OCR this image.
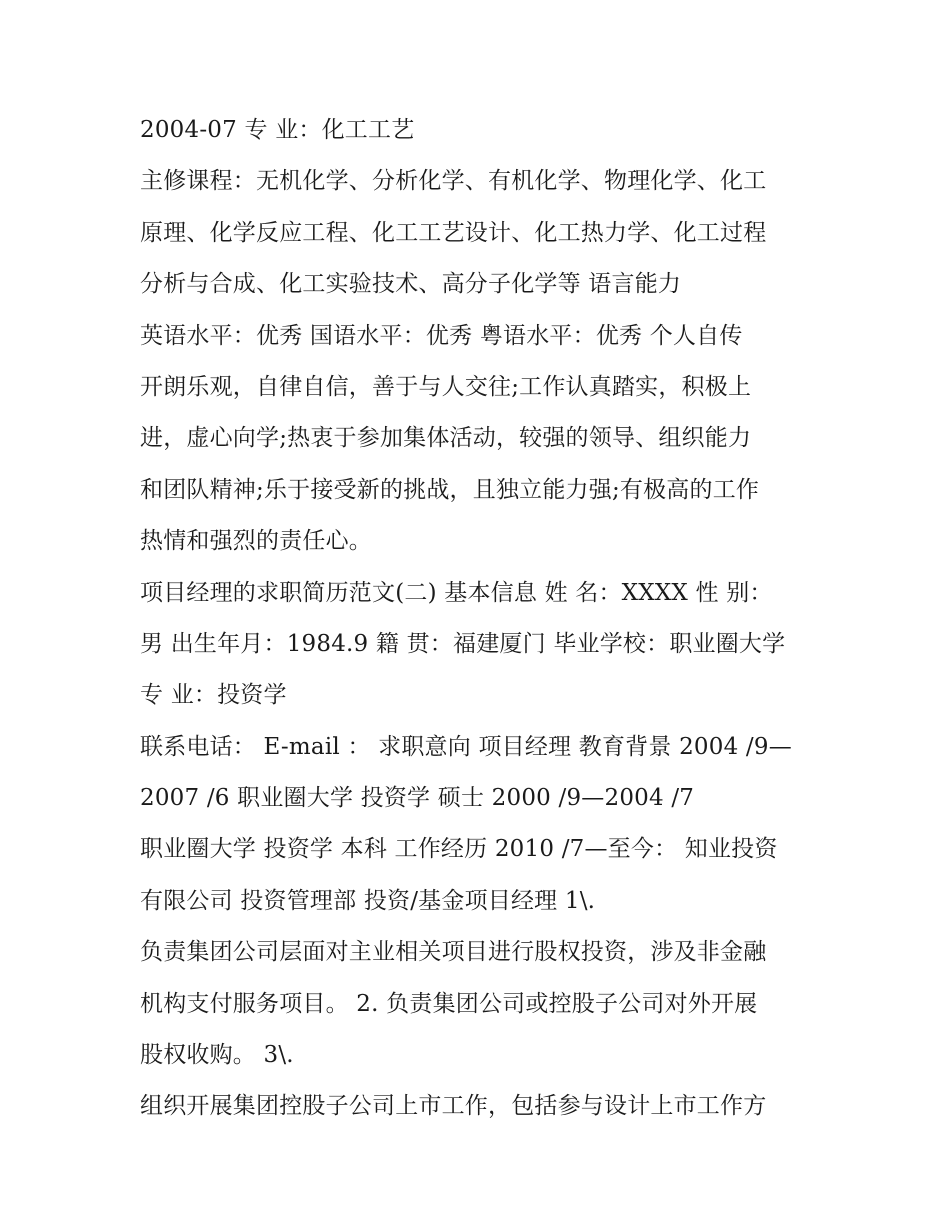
2004-07 专 业：化工工艺
主修课程：无机化学、分析化学、有机化学、物理化学、化工
原理、化学反应工程、化工工艺设计、化工热力学、化工过程
分析与合成、化工实验技术、高分子化学等 语言能力
英语水平：优秀 国语水平：优秀 粤语水平：优秀 个人自传
开朗乐观，自律自信，善于与人交往;工作认真踏实，积极上
进，虚心向学;热衷于参加集体活动，较强的领导、组织能力
和团队精神;乐于接受新的挑战，且独立能力强;有极高的工作
热情和强烈的责任心。
项目经理的求职简历范文(二) 基本信息 姓 名：XXXX 性 别：
男 出生年月：1984.9 籍 贯：福建厦门 毕业学校：职业圈大学
专 业：投资学
联系电话： E-mail ： 求职意向 项目经理 教育背景 2004 /9—
2007 /6 职业圈大学 投资学 硕士 2000 /9—2004 /7
职业圈大学 投资学 本科 工作经历 2010 /7—至今： 知业投资
有限公司 投资管理部 投资/基金项目经理 1\.
负责集团公司层面对主业相关项目进行股权投资，涉及非金融
机构支付服务项目。 2. 负责集团公司或控股子公司对外开展
股权收购。 3\.
组织开展集团控股子公司上市工作，包括参与设计上市工作方
